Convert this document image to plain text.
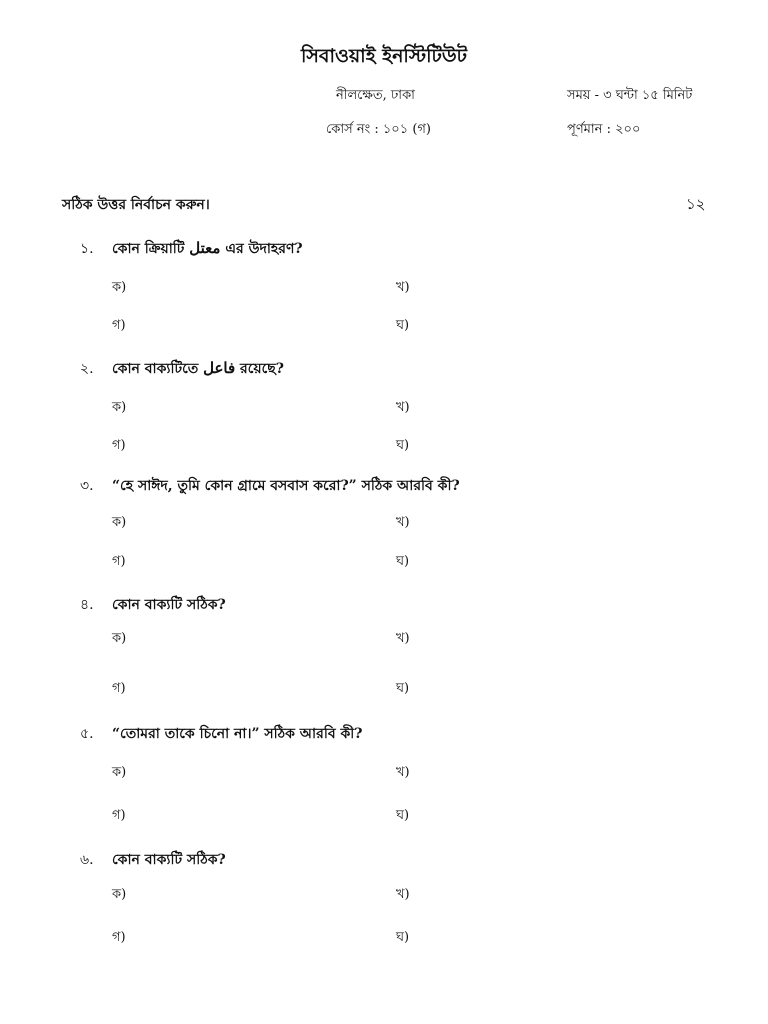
সিবাওয়াই ইনস্টিটিউট
নীলক্ষেত, ঢাকা	সময় - ৩ ঘন্টা ১৫ মিনিট
কোর্স নং : ১০১ (গ)	পূর্ণমান : ২০০
সঠিক উত্তর নির্বাচন করুন।	১২
১. কোন ক্রিয়াটি معتل এর উদাহরণ?
ক)	খ)
গ)	ঘ)
২. কোন বাক্যটিতে فاعل রয়েছে?
ক)	খ)
গ)	ঘ)
৩. “হে সাঈদ, তুমি কোন গ্রামে বসবাস করো?” সঠিক আরবি কী?
ক)	খ)
গ)	ঘ)
৪. কোন বাক্যটি সঠিক?
ক)	খ)
গ)	ঘ)
৫. “তোমরা তাকে চিনো না।” সঠিক আরবি কী?
ক)	খ)
গ)	ঘ)
৬. কোন বাক্যটি সঠিক?
ক)	খ)
গ)	ঘ)
